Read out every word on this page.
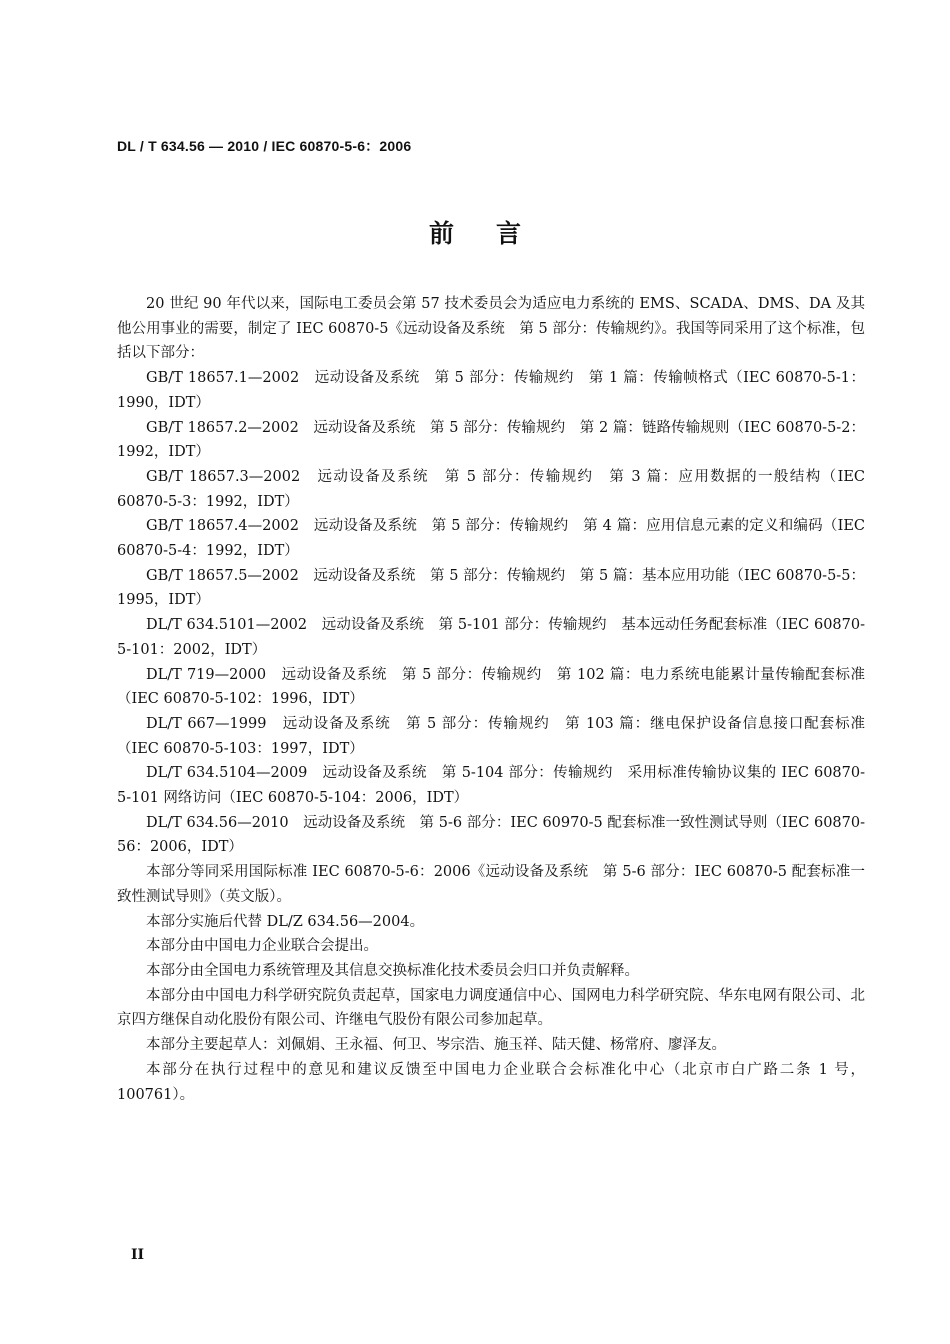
DL / T 634.56 — 2010 / IEC 60870-5-6：2006
前言

20 世纪 90 年代以来，国际电工委员会第 57 技术委员会为适应电力系统的 EMS、SCADA、DMS、DA 及其他公用事业的需要，制定了 IEC 60870-5《远动设备及系统　第 5 部分：传输规约》。我国等同采用了这个标准，包括以下部分：

GB/T 18657.1—2002　远动设备及系统　第 5 部分：传输规约　第 1 篇：传输帧格式（IEC 60870-5-1：1990，IDT）

GB/T 18657.2—2002　远动设备及系统　第 5 部分：传输规约　第 2 篇：链路传输规则（IEC 60870-5-2：1992，IDT）

GB/T 18657.3—2002　远动设备及系统　第 5 部分：传输规约　第 3 篇：应用数据的一般结构（IEC 60870-5-3：1992，IDT）

GB/T 18657.4—2002　远动设备及系统　第 5 部分：传输规约　第 4 篇：应用信息元素的定义和编码（IEC 60870-5-4：1992，IDT）

GB/T 18657.5—2002　远动设备及系统　第 5 部分：传输规约　第 5 篇：基本应用功能（IEC 60870-5-5：1995，IDT）

DL/T 634.5101—2002　远动设备及系统　第 5-101 部分：传输规约　基本远动任务配套标准（IEC 60870-5-101：2002，IDT）

DL/T 719—2000　远动设备及系统　第 5 部分：传输规约　第 102 篇：电力系统电能累计量传输配套标准（IEC 60870-5-102：1996，IDT）

DL/T 667—1999　远动设备及系统　第 5 部分：传输规约　第 103 篇：继电保护设备信息接口配套标准（IEC 60870-5-103：1997，IDT）

DL/T 634.5104—2009　远动设备及系统　第 5-104 部分：传输规约　采用标准传输协议集的 IEC 60870-5-101 网络访问（IEC 60870-5-104：2006，IDT）

DL/T 634.56—2010　远动设备及系统　第 5-6 部分：IEC 60970-5 配套标准一致性测试导则（IEC 60870-56：2006，IDT）

本部分等同采用国际标准 IEC 60870-5-6：2006《远动设备及系统　第 5-6 部分：IEC 60870-5 配套标准一致性测试导则》（英文版）。

本部分实施后代替 DL/Z 634.56—2004。

本部分由中国电力企业联合会提出。

本部分由全国电力系统管理及其信息交换标准化技术委员会归口并负责解释。

本部分由中国电力科学研究院负责起草，国家电力调度通信中心、国网电力科学研究院、华东电网有限公司、北京四方继保自动化股份有限公司、许继电气股份有限公司参加起草。

本部分主要起草人：刘佩娟、王永福、何卫、岑宗浩、施玉祥、陆天健、杨常府、廖泽友。

本部分在执行过程中的意见和建议反馈至中国电力企业联合会标准化中心（北京市白广路二条 1 号，100761）。

II
